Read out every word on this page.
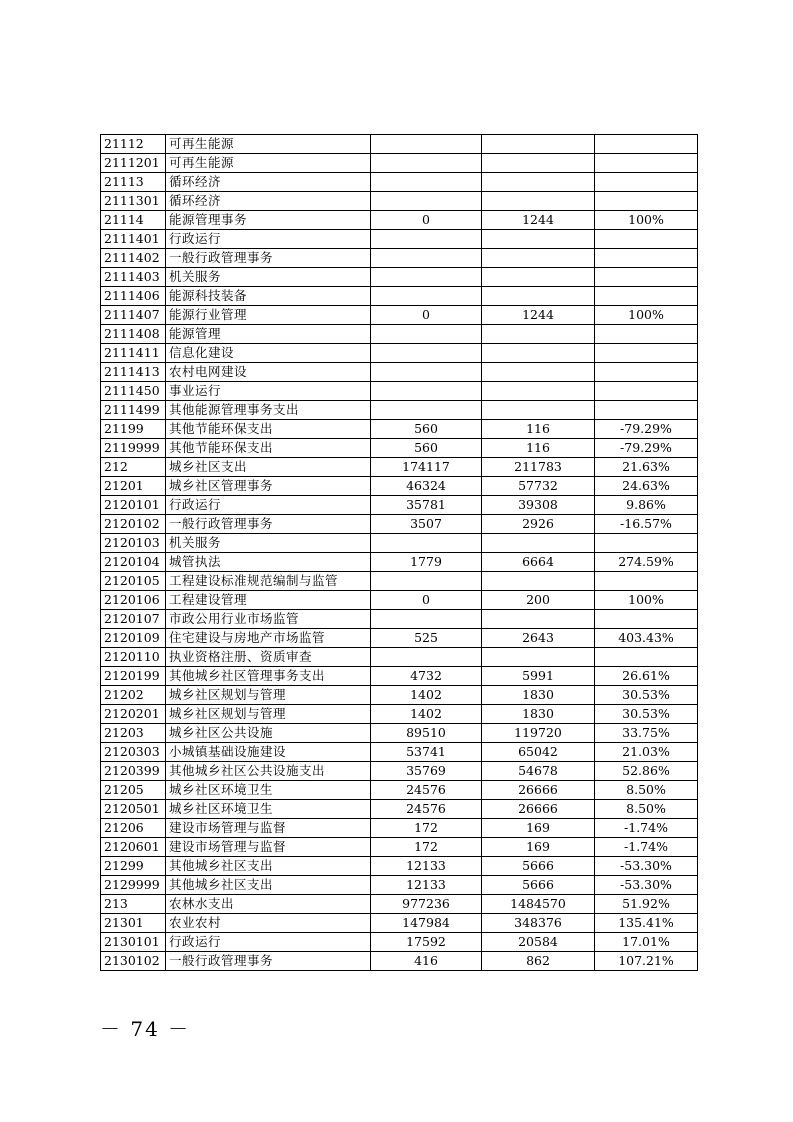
21112	可再生能源			
2111201	可再生能源			
21113	循环经济			
2111301	循环经济			
21114	能源管理事务	0	1244	100%
2111401	行政运行			
2111402	一般行政管理事务			
2111403	机关服务			
2111406	能源科技装备			
2111407	能源行业管理	0	1244	100%
2111408	能源管理			
2111411	信息化建设			
2111413	农村电网建设			
2111450	事业运行			
2111499	其他能源管理事务支出			
21199	其他节能环保支出	560	116	-79.29%
2119999	其他节能环保支出	560	116	-79.29%
212	城乡社区支出	174117	211783	21.63%
21201	城乡社区管理事务	46324	57732	24.63%
2120101	行政运行	35781	39308	9.86%
2120102	一般行政管理事务	3507	2926	-16.57%
2120103	机关服务			
2120104	城管执法	1779	6664	274.59%
2120105	工程建设标准规范编制与监管			
2120106	工程建设管理	0	200	100%
2120107	市政公用行业市场监管			
2120109	住宅建设与房地产市场监管	525	2643	403.43%
2120110	执业资格注册、资质审查			
2120199	其他城乡社区管理事务支出	4732	5991	26.61%
21202	城乡社区规划与管理	1402	1830	30.53%
2120201	城乡社区规划与管理	1402	1830	30.53%
21203	城乡社区公共设施	89510	119720	33.75%
2120303	小城镇基础设施建设	53741	65042	21.03%
2120399	其他城乡社区公共设施支出	35769	54678	52.86%
21205	城乡社区环境卫生	24576	26666	8.50%
2120501	城乡社区环境卫生	24576	26666	8.50%
21206	建设市场管理与监督	172	169	-1.74%
2120601	建设市场管理与监督	172	169	-1.74%
21299	其他城乡社区支出	12133	5666	-53.30%
2129999	其他城乡社区支出	12133	5666	-53.30%
213	农林水支出	977236	1484570	51.92%
21301	农业农村	147984	348376	135.41%
2130101	行政运行	17592	20584	17.01%
2130102	一般行政管理事务	416	862	107.21%
－ 74 －
